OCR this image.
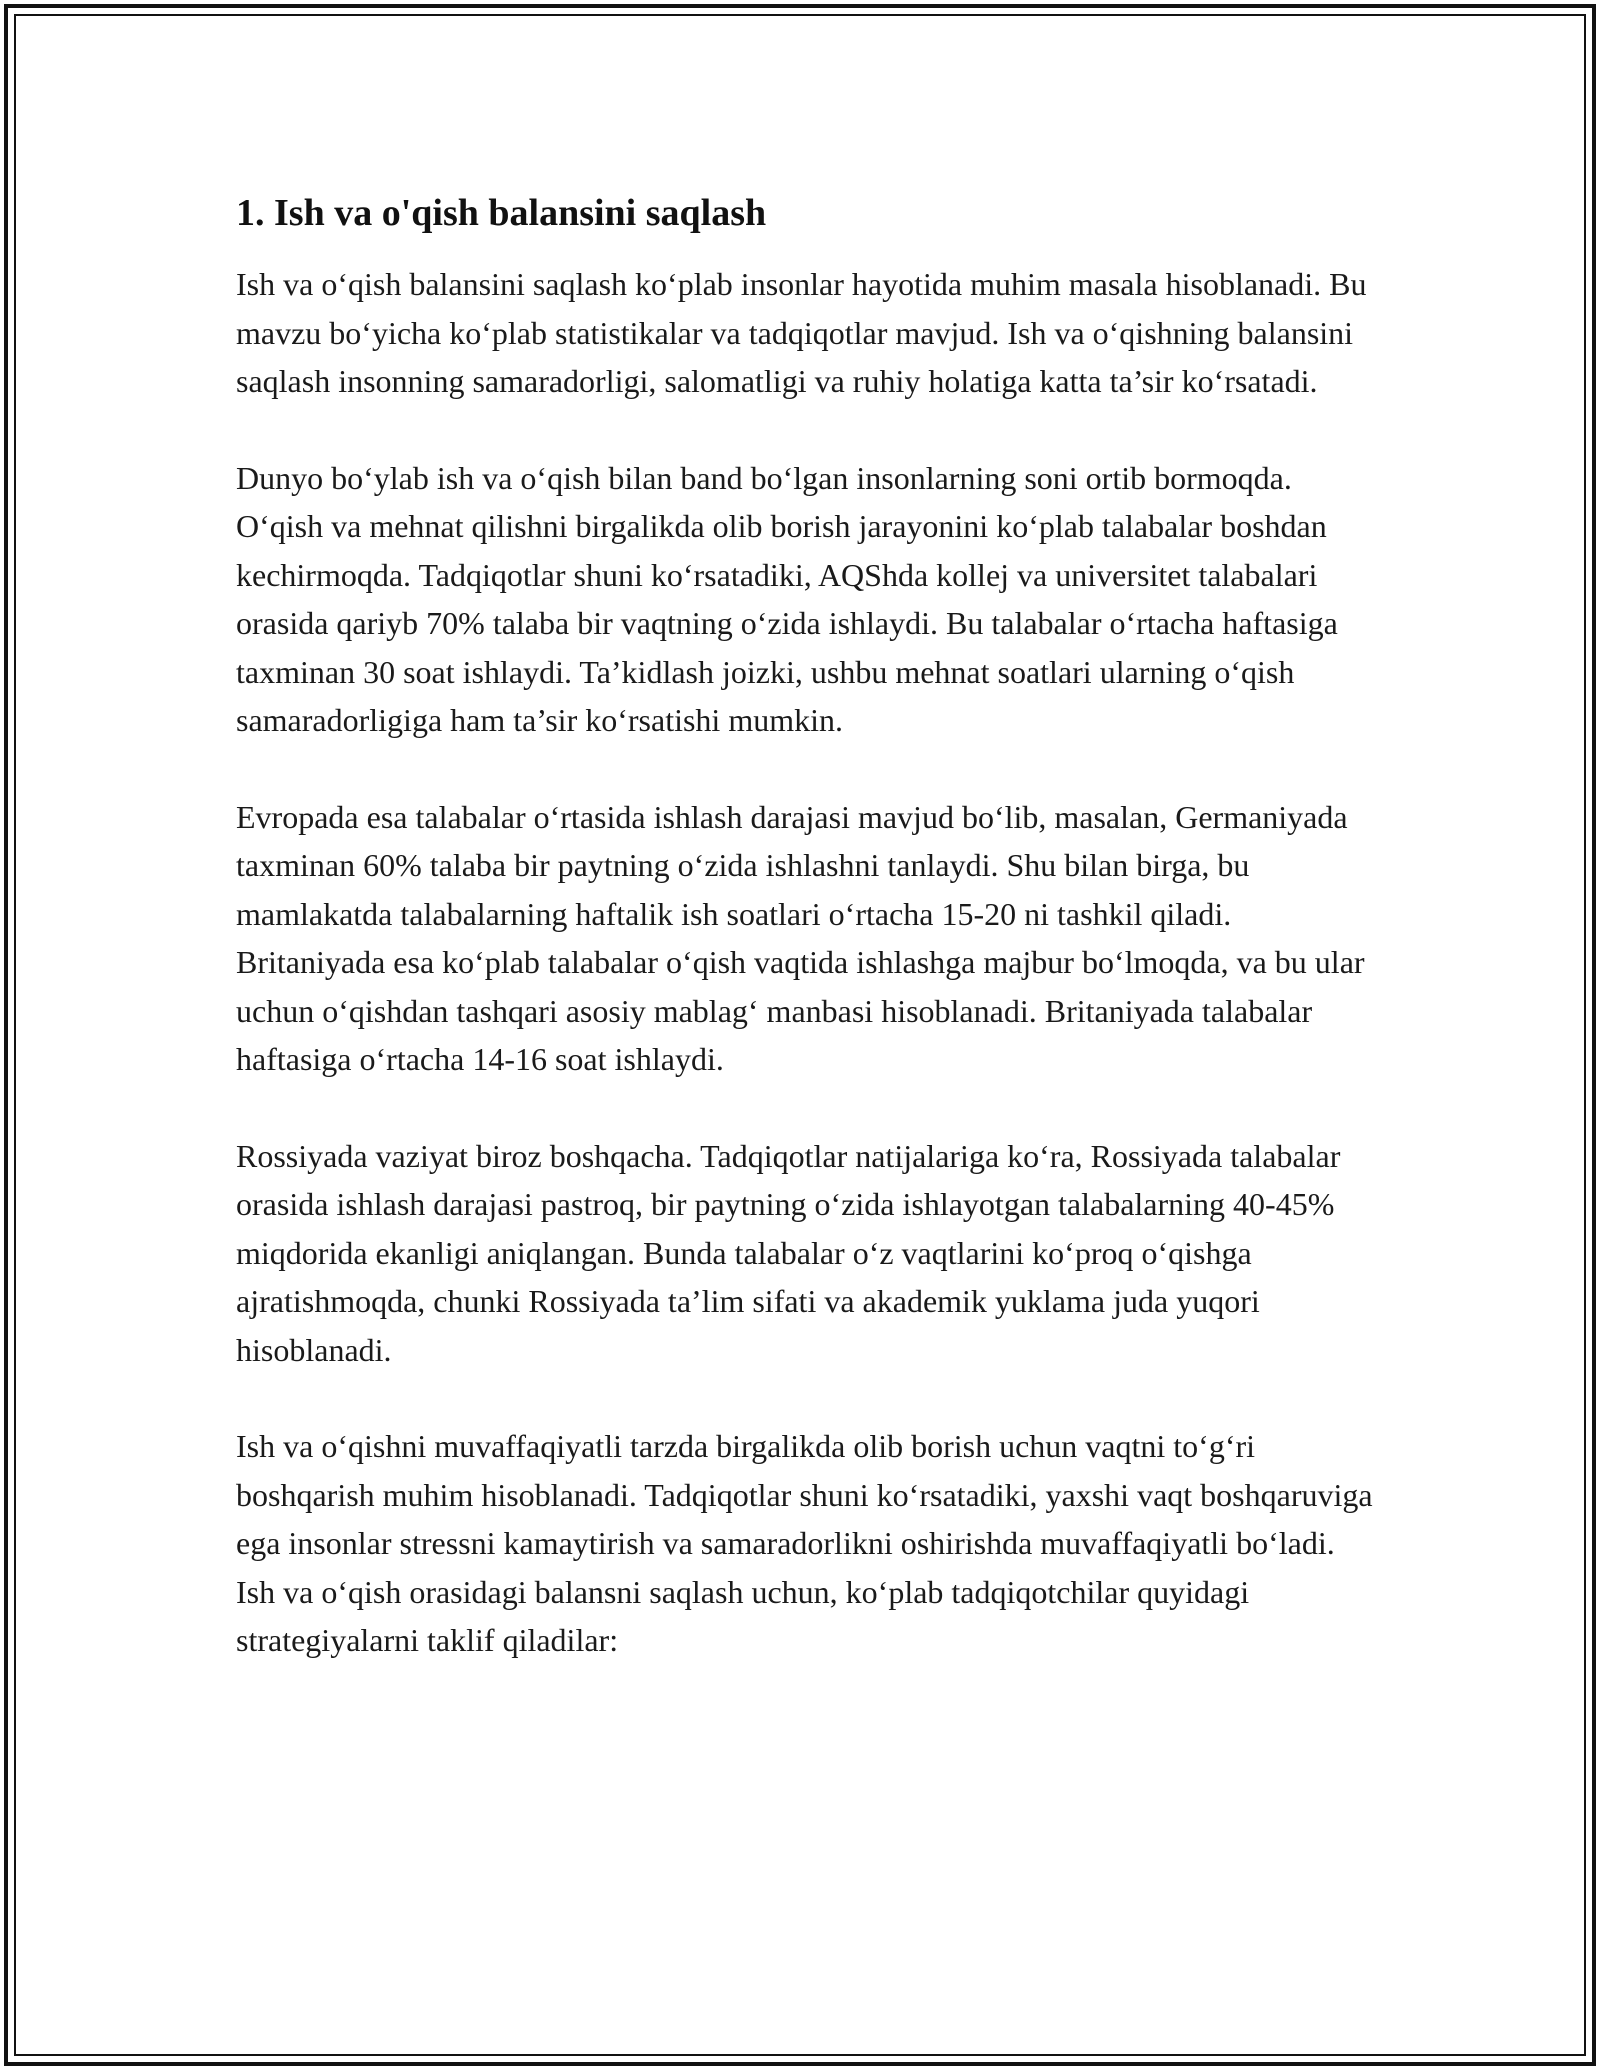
1. Ish va o'qish balansini saqlash

Ish va o‘qish balansini saqlash ko‘plab insonlar hayotida muhim masala hisoblanadi. Bu mavzu bo‘yicha ko‘plab statistikalar va tadqiqotlar mavjud. Ish va o‘qishning balansini saqlash insonning samaradorligi, salomatligi va ruhiy holatiga katta ta’sir ko‘rsatadi.

Dunyo bo‘ylab ish va o‘qish bilan band bo‘lgan insonlarning soni ortib bormoqda. O‘qish va mehnat qilishni birgalikda olib borish jarayonini ko‘plab talabalar boshdan kechirmoqda. Tadqiqotlar shuni ko‘rsatadiki, AQShda kollej va universitet talabalari orasida qariyb 70% talaba bir vaqtning o‘zida ishlaydi. Bu talabalar o‘rtacha haftasiga taxminan 30 soat ishlaydi. Ta’kidlash joizki, ushbu mehnat soatlari ularning o‘qish samaradorligiga ham ta’sir ko‘rsatishi mumkin.

Evropada esa talabalar o‘rtasida ishlash darajasi mavjud bo‘lib, masalan, Germaniyada taxminan 60% talaba bir paytning o‘zida ishlashni tanlaydi. Shu bilan birga, bu mamlakatda talabalarning haftalik ish soatlari o‘rtacha 15-20 ni tashkil qiladi. Britaniyada esa ko‘plab talabalar o‘qish vaqtida ishlashga majbur bo‘lmoqda, va bu ular uchun o‘qishdan tashqari asosiy mablag‘ manbasi hisoblanadi. Britaniyada talabalar haftasiga o‘rtacha 14-16 soat ishlaydi.

Rossiyada vaziyat biroz boshqacha. Tadqiqotlar natijalariga ko‘ra, Rossiyada talabalar orasida ishlash darajasi pastroq, bir paytning o‘zida ishlayotgan talabalarning 40-45% miqdorida ekanligi aniqlangan. Bunda talabalar o‘z vaqtlarini ko‘proq o‘qishga ajratishmoqda, chunki Rossiyada ta’lim sifati va akademik yuklama juda yuqori hisoblanadi.

Ish va o‘qishni muvaffaqiyatli tarzda birgalikda olib borish uchun vaqtni to‘g‘ri boshqarish muhim hisoblanadi. Tadqiqotlar shuni ko‘rsatadiki, yaxshi vaqt boshqaruviga ega insonlar stressni kamaytirish va samaradorlikni oshirishda muvaffaqiyatli bo‘ladi. Ish va o‘qish orasidagi balansni saqlash uchun, ko‘plab tadqiqotchilar quyidagi strategiyalarni taklif qiladilar:
